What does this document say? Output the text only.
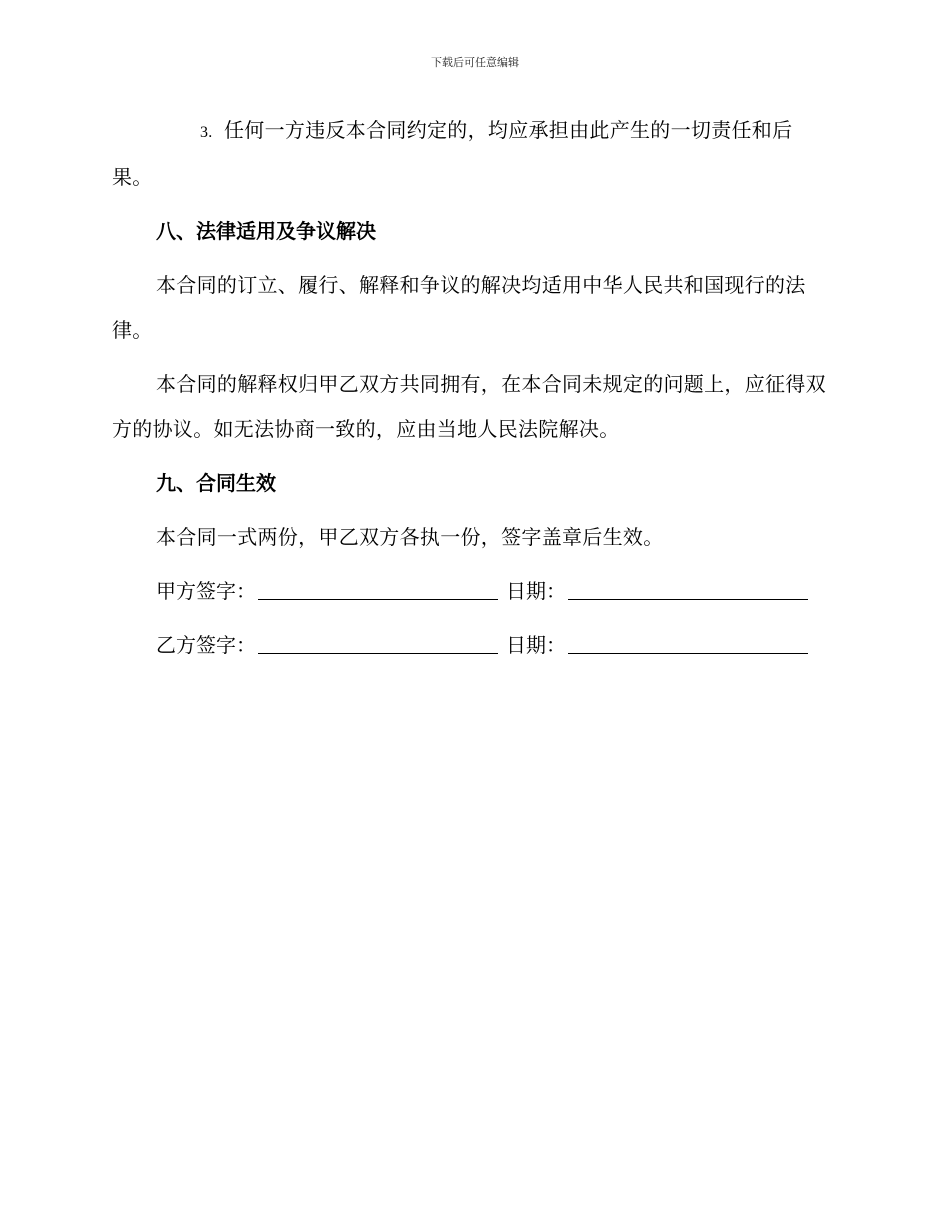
下载后可任意编辑

3. 任何一方违反本合同约定的，均应承担由此产生的一切责任和后果。

八、法律适用及争议解决

本合同的订立、履行、解释和争议的解决均适用中华人民共和国现行的法律。

本合同的解释权归甲乙双方共同拥有，在本合同未规定的问题上，应征得双方的协议。如无法协商一致的，应由当地人民法院解决。

九、合同生效

本合同一式两份，甲乙双方各执一份，签字盖章后生效。

甲方签字：	日期：
乙方签字：	日期：
